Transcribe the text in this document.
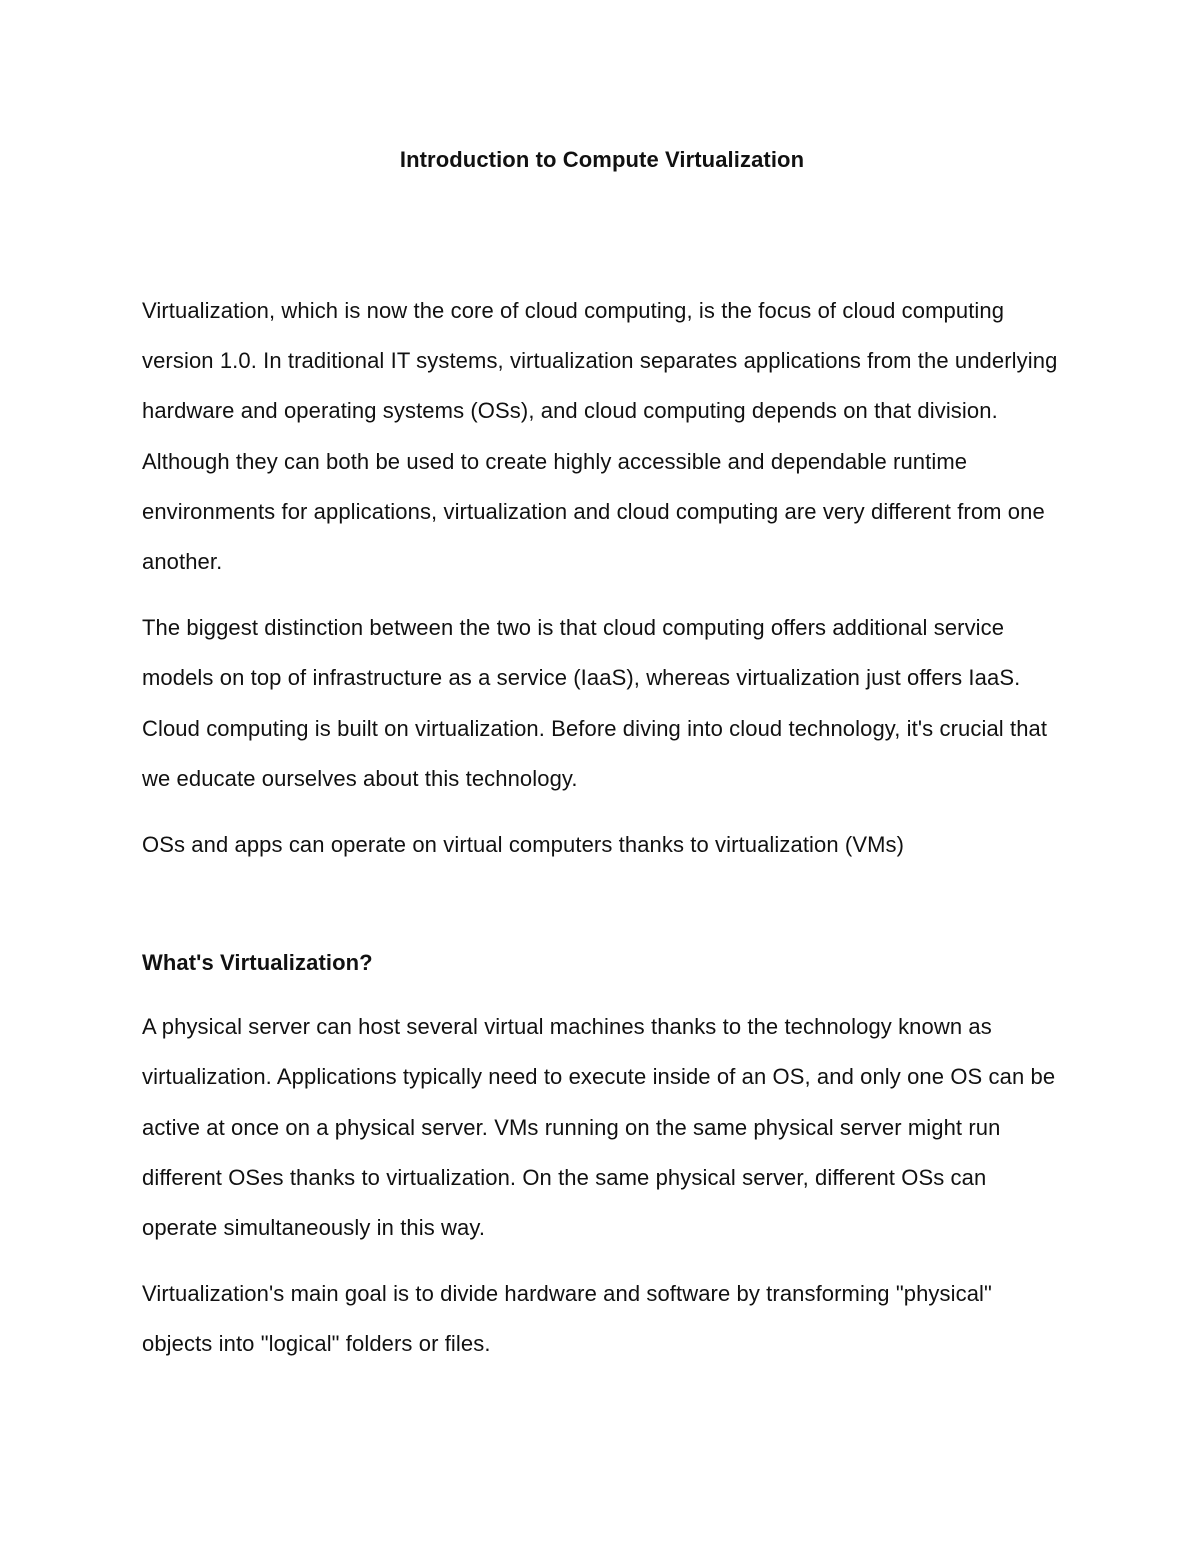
Introduction to Compute Virtualization

Virtualization, which is now the core of cloud computing, is the focus of cloud computing version 1.0. In traditional IT systems, virtualization separates applications from the underlying hardware and operating systems (OSs), and cloud computing depends on that division. Although they can both be used to create highly accessible and dependable runtime environments for applications, virtualization and cloud computing are very different from one another.

The biggest distinction between the two is that cloud computing offers additional service models on top of infrastructure as a service (IaaS), whereas virtualization just offers IaaS. Cloud computing is built on virtualization. Before diving into cloud technology, it's crucial that we educate ourselves about this technology.

OSs and apps can operate on virtual computers thanks to virtualization (VMs)

What's Virtualization?

A physical server can host several virtual machines thanks to the technology known as virtualization. Applications typically need to execute inside of an OS, and only one OS can be active at once on a physical server. VMs running on the same physical server might run different OSes thanks to virtualization. On the same physical server, different OSs can operate simultaneously in this way.

Virtualization's main goal is to divide hardware and software by transforming "physical" objects into "logical" folders or files.
